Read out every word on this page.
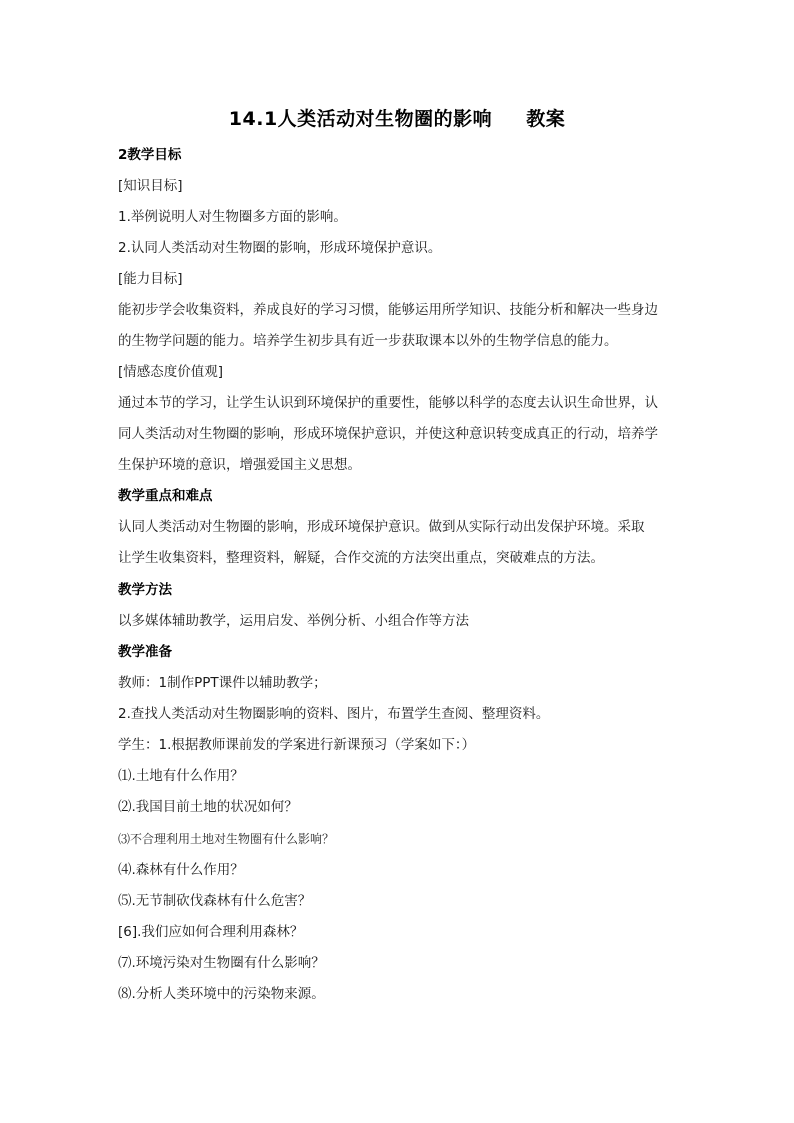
14.1人类活动对生物圈的影响 教案
2教学目标
[知识目标]
1.举例说明人对生物圈多方面的影响。
2.认同人类活动对生物圈的影响，形成环境保护意识。
[能力目标]
能初步学会收集资料，养成良好的学习习惯，能够运用所学知识、技能分析和解决一些身边
的生物学问题的能力。培养学生初步具有近一步获取课本以外的生物学信息的能力。
[情感态度价值观]
通过本节的学习，让学生认识到环境保护的重要性，能够以科学的态度去认识生命世界，认
同人类活动对生物圈的影响，形成环境保护意识，并使这种意识转变成真正的行动，培养学
生保护环境的意识，增强爱国主义思想。
教学重点和难点
认同人类活动对生物圈的影响，形成环境保护意识。做到从实际行动出发保护环境。采取
让学生收集资料，整理资料，解疑，合作交流的方法突出重点，突破难点的方法。
教学方法
以多媒体辅助教学，运用启发、举例分析、小组合作等方法
教学准备
教师：1制作PPT课件以辅助教学；
2.查找人类活动对生物圈影响的资料、图片，布置学生查阅、整理资料。
学生：1.根据教师课前发的学案进行新课预习（学案如下：）
⑴.土地有什么作用？
⑵.我国目前土地的状况如何？
⑶不合理利用土地对生物圈有什么影响？
⑷.森林有什么作用？
⑸.无节制砍伐森林有什么危害？
[6].我们应如何合理利用森林？
⑺.环境污染对生物圈有什么影响？
⑻.分析人类环境中的污染物来源。
